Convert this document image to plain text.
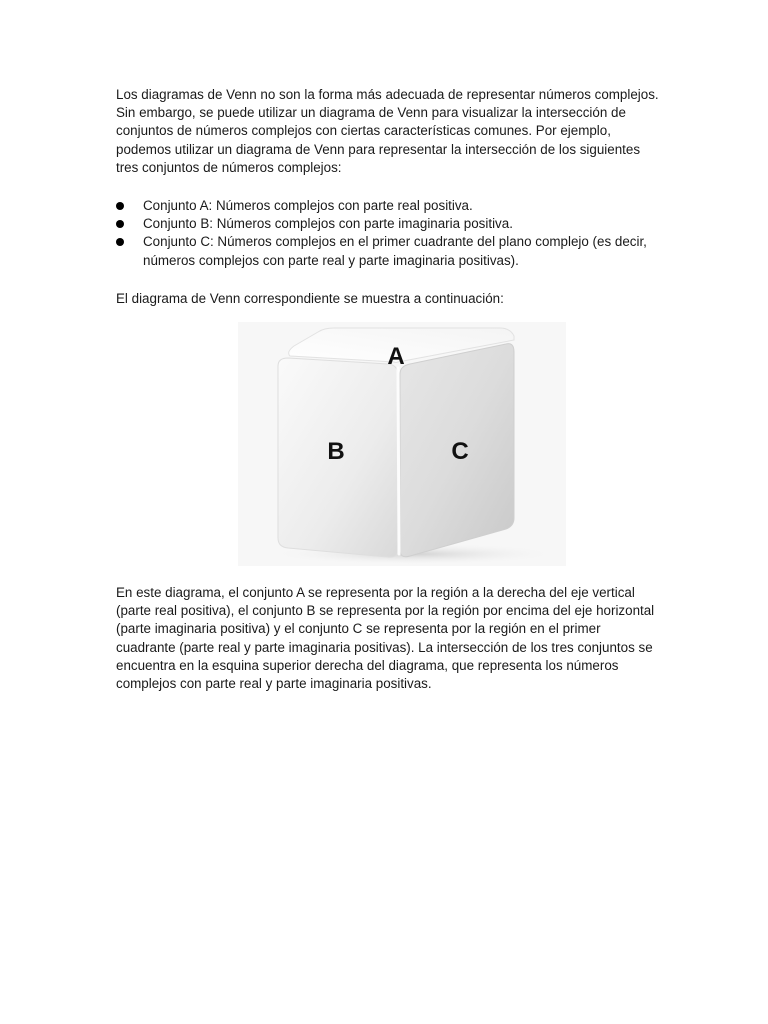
Los diagramas de Venn no son la forma más adecuada de representar números complejos. Sin embargo, se puede utilizar un diagrama de Venn para visualizar la intersección de conjuntos de números complejos con ciertas características comunes. Por ejemplo, podemos utilizar un diagrama de Venn para representar la intersección de los siguientes tres conjuntos de números complejos:

Conjunto A: Números complejos con parte real positiva.
Conjunto B: Números complejos con parte imaginaria positiva.
Conjunto C: Números complejos en el primer cuadrante del plano complejo (es decir, números complejos con parte real y parte imaginaria positivas).

El diagrama de Venn correspondiente se muestra a continuación:

A
B	C

En este diagrama, el conjunto A se representa por la región a la derecha del eje vertical (parte real positiva), el conjunto B se representa por la región por encima del eje horizontal (parte imaginaria positiva) y el conjunto C se representa por la región en el primer cuadrante (parte real y parte imaginaria positivas). La intersección de los tres conjuntos se encuentra en la esquina superior derecha del diagrama, que representa los números complejos con parte real y parte imaginaria positivas.
